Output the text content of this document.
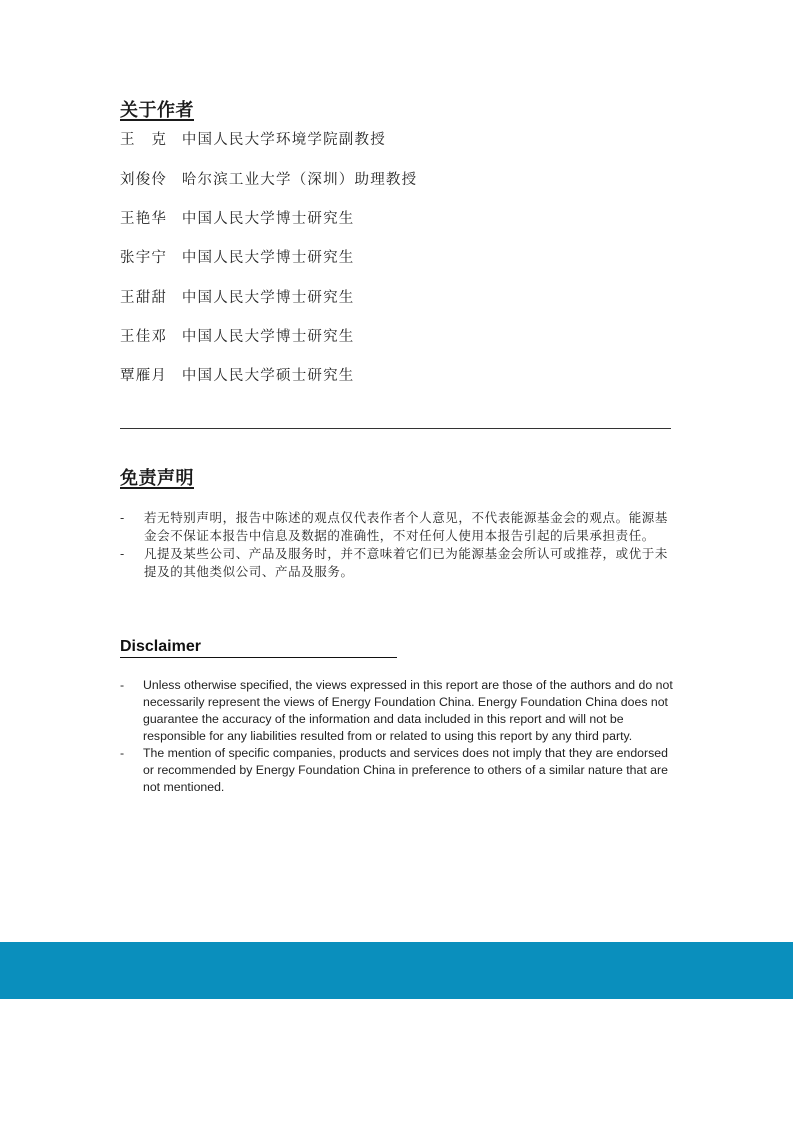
关于作者
王　克 中国人民大学环境学院副教授
刘俊伶 哈尔滨工业大学（深圳）助理教授
王艳华 中国人民大学博士研究生
张宇宁 中国人民大学博士研究生
王甜甜 中国人民大学博士研究生
王佳邓 中国人民大学博士研究生
覃雁月 中国人民大学硕士研究生
免责声明
- 若无特别声明，报告中陈述的观点仅代表作者个人意见，不代表能源基金会的观点。能源基金会不保证本报告中信息及数据的准确性，不对任何人使用本报告引起的后果承担责任。
- 凡提及某些公司、产品及服务时，并不意味着它们已为能源基金会所认可或推荐，或优于未提及的其他类似公司、产品及服务。
Disclaimer
- Unless otherwise specified, the views expressed in this report are those of the authors and do not necessarily represent the views of Energy Foundation China. Energy Foundation China does not guarantee the accuracy of the information and data included in this report and will not be responsible for any liabilities resulted from or related to using this report by any third party.
- The mention of specific companies, products and services does not imply that they are endorsed or recommended by Energy Foundation China in preference to others of a similar nature that are not mentioned.
